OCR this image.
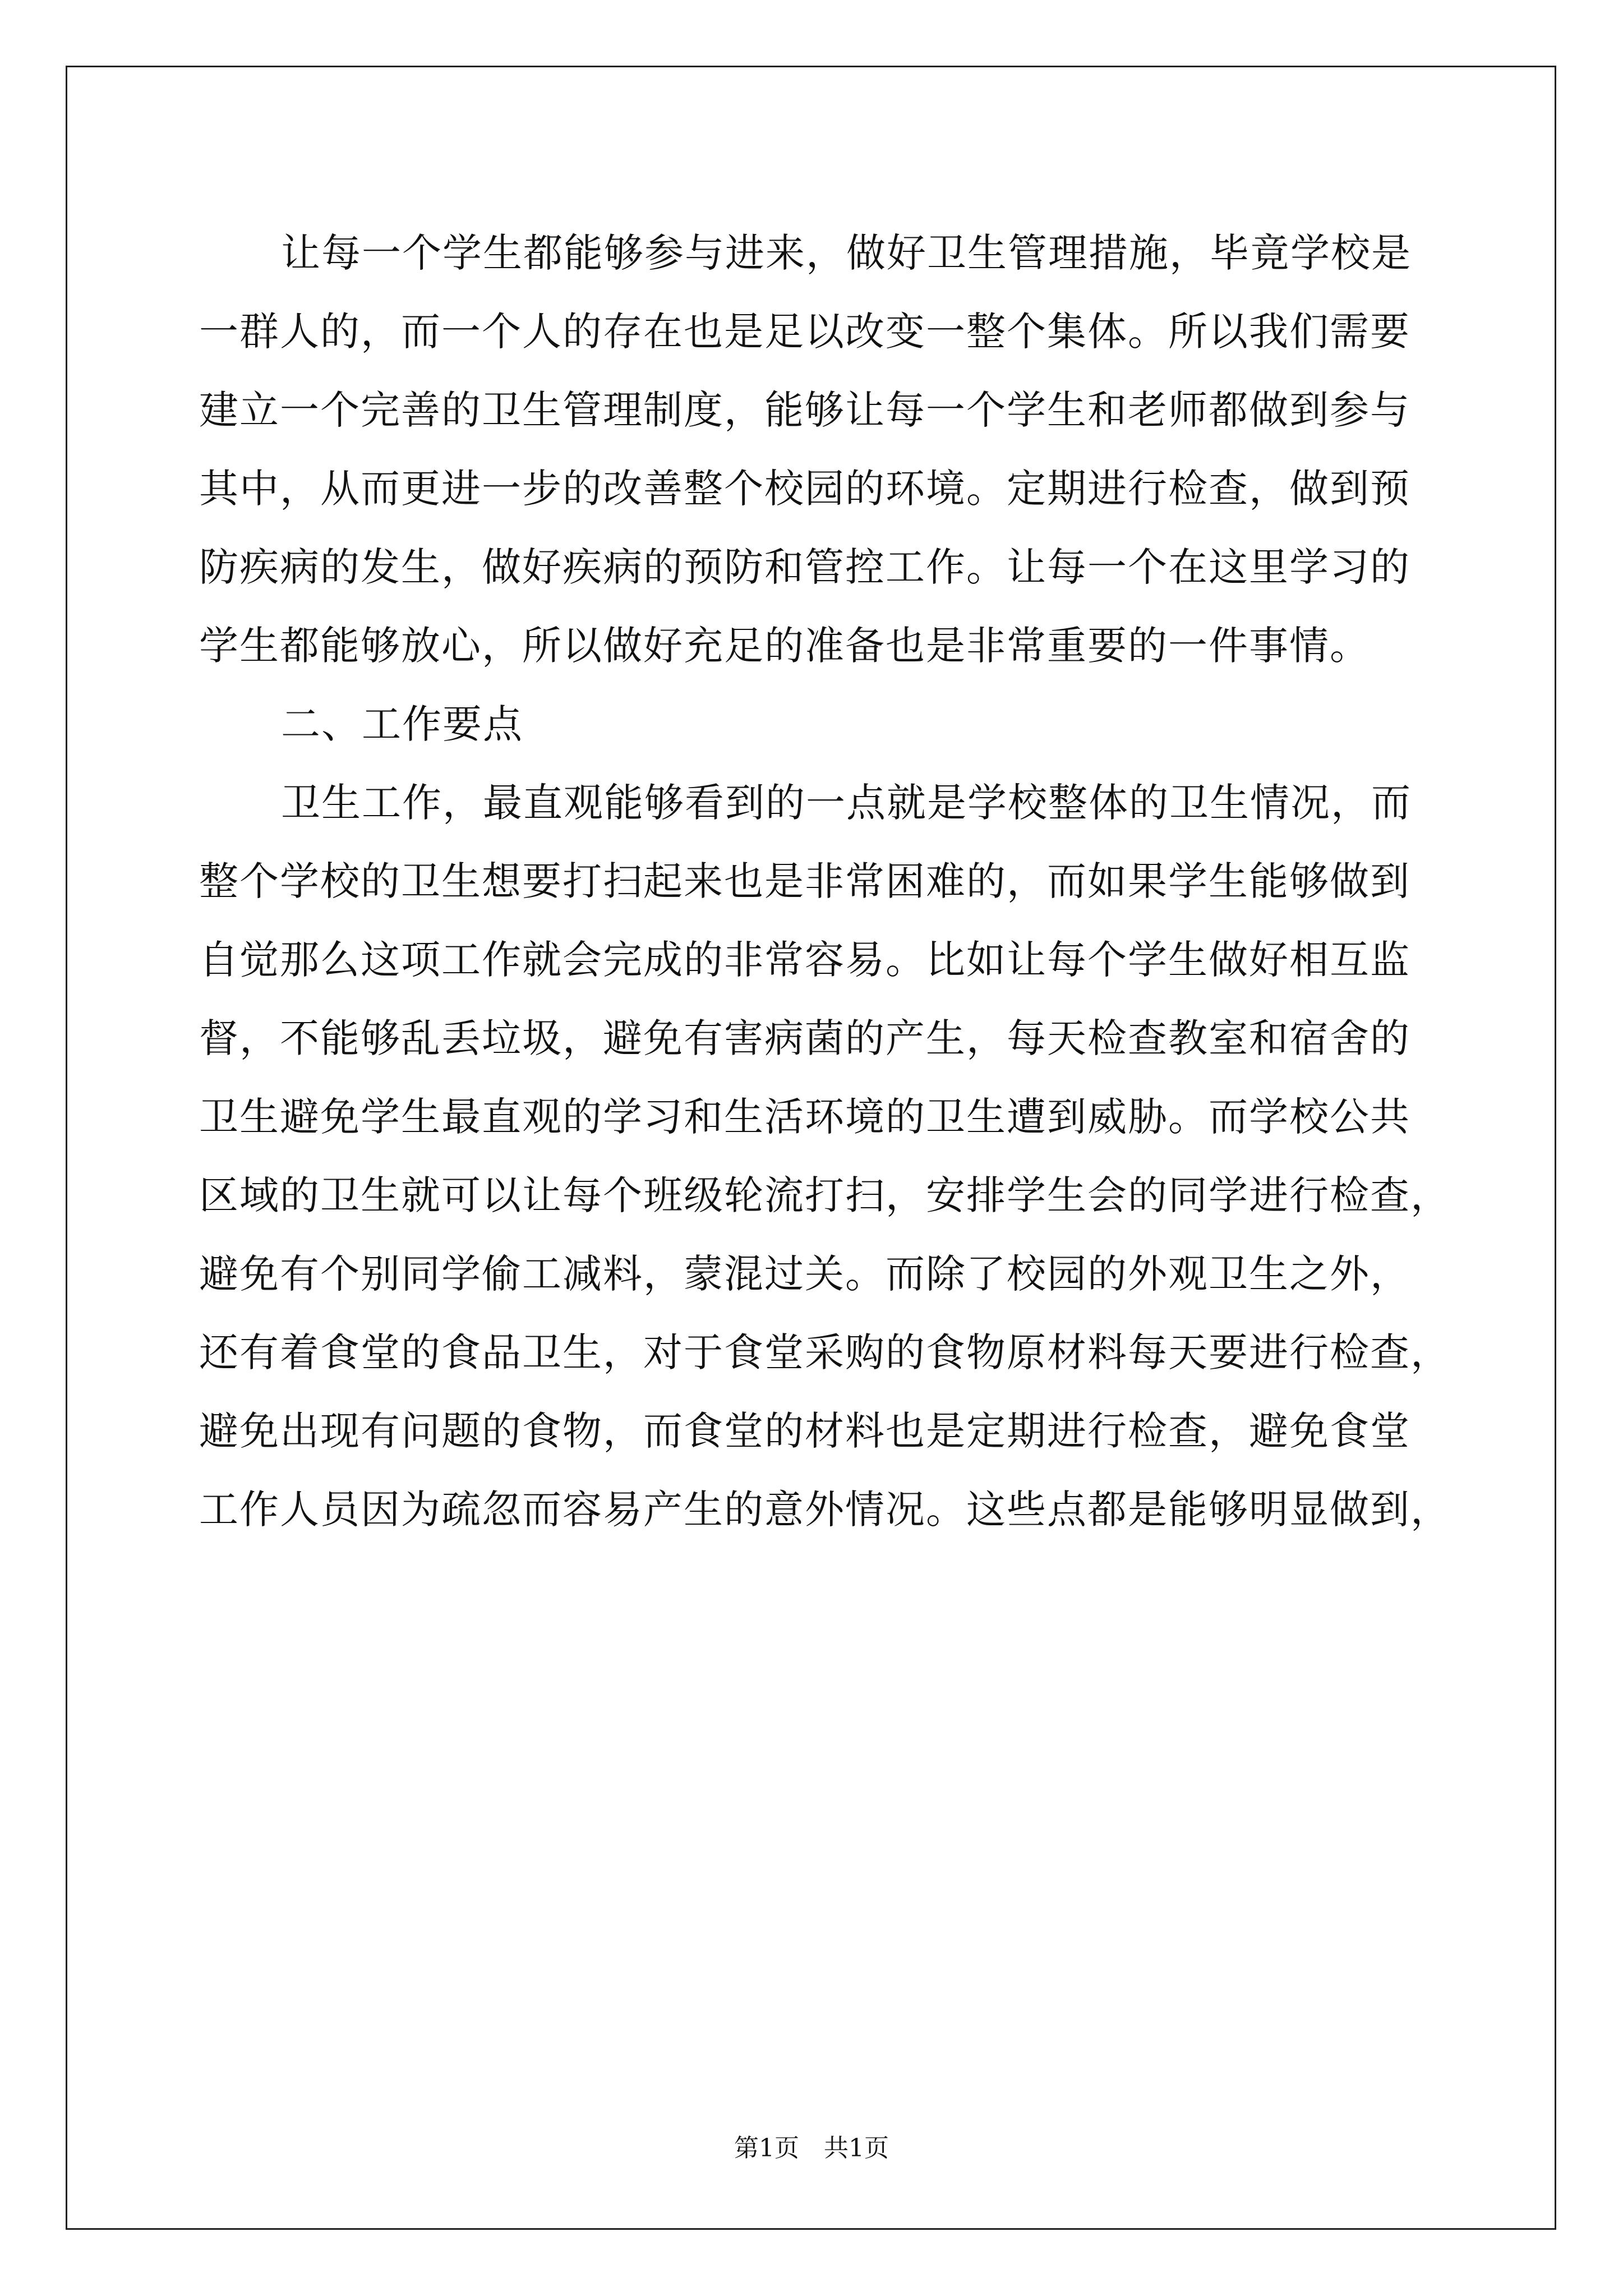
让每一个学生都能够参与进来，做好卫生管理措施，毕竟学校是

一群人的，而一个人的存在也是足以改变一整个集体。所以我们需要

建立一个完善的卫生管理制度，能够让每一个学生和老师都做到参与

其中，从而更进一步的改善整个校园的环境。定期进行检查，做到预

防疾病的发生，做好疾病的预防和管控工作。让每一个在这里学习的

学生都能够放心，所以做好充足的准备也是非常重要的一件事情。

二、工作要点

卫生工作，最直观能够看到的一点就是学校整体的卫生情况，而

整个学校的卫生想要打扫起来也是非常困难的，而如果学生能够做到

自觉那么这项工作就会完成的非常容易。比如让每个学生做好相互监

督，不能够乱丢垃圾，避免有害病菌的产生，每天检查教室和宿舍的

卫生避免学生最直观的学习和生活环境的卫生遭到威胁。而学校公共

区域的卫生就可以让每个班级轮流打扫，安排学生会的同学进行检查，

避免有个别同学偷工减料，蒙混过关。而除了校园的外观卫生之外，

还有着食堂的食品卫生，对于食堂采购的食物原材料每天要进行检查，

避免出现有问题的食物，而食堂的材料也是定期进行检查，避免食堂

工作人员因为疏忽而容易产生的意外情况。这些点都是能够明显做到，

第1页 共1页
